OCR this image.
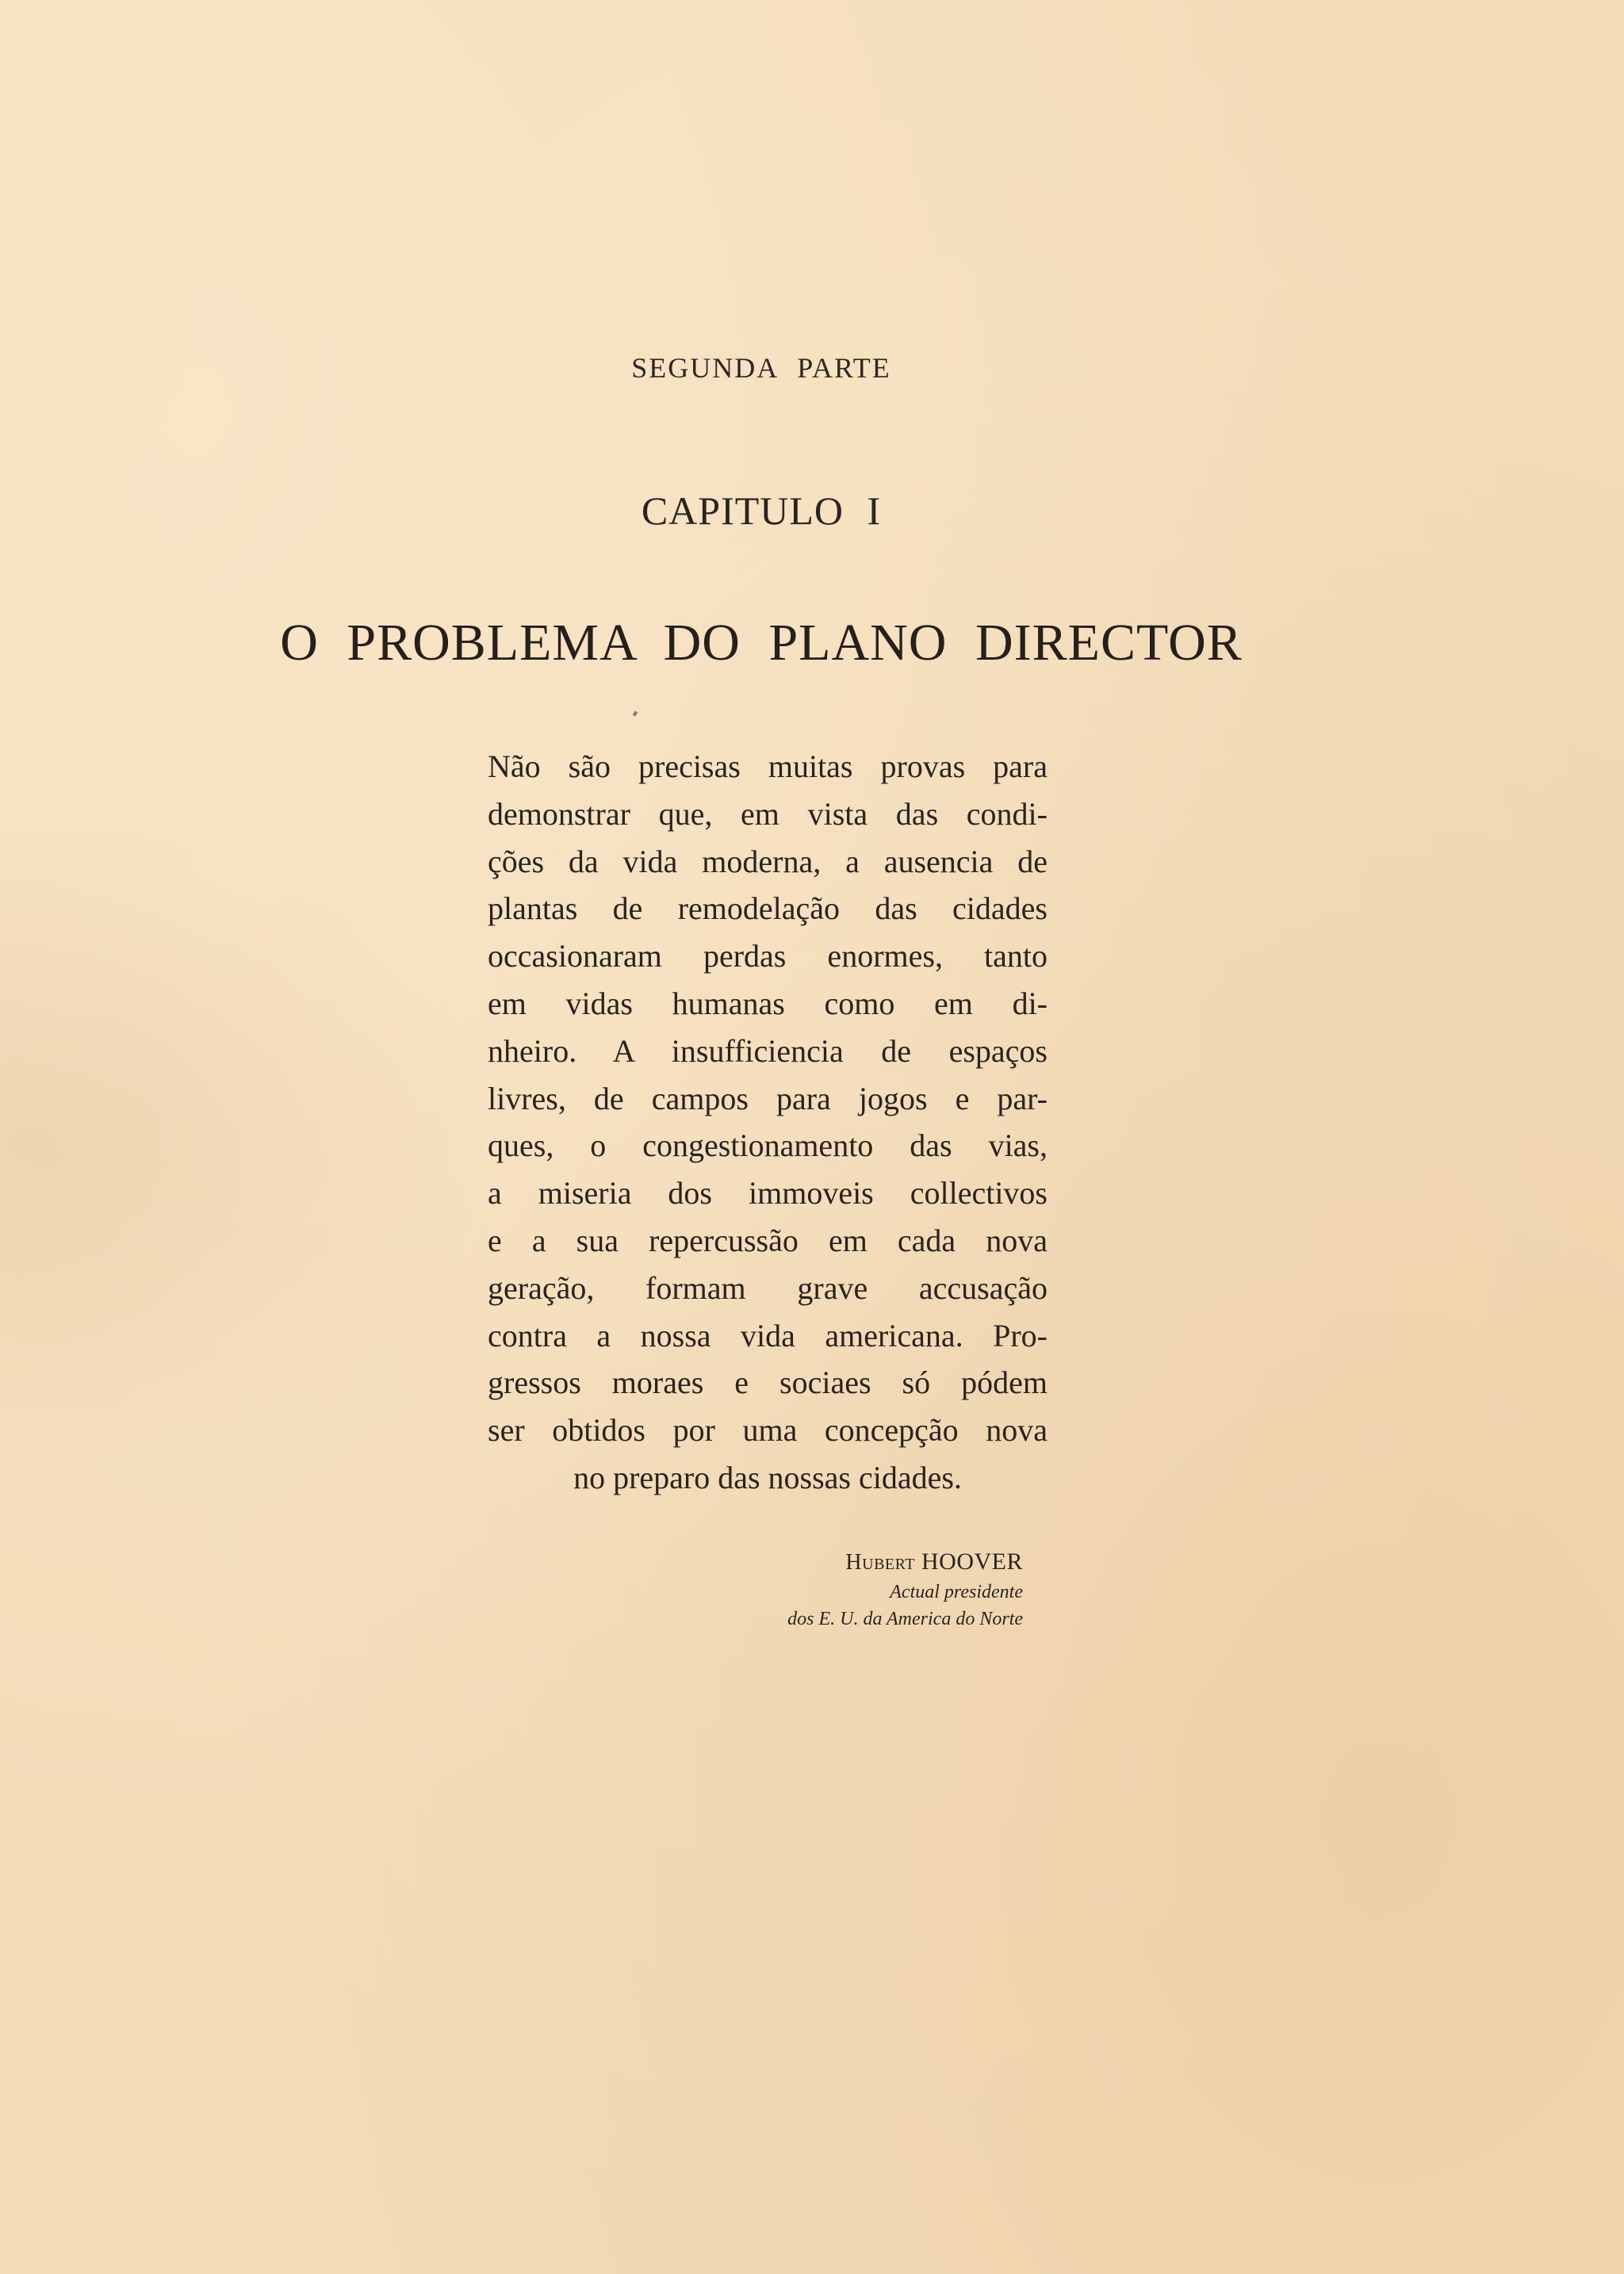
SEGUNDA PARTE
CAPITULO I
O PROBLEMA DO PLANO DIRECTOR
Não são precisas muitas provas para
demonstrar que, em vista das condi-
ções da vida moderna, a ausencia de
plantas de remodelação das cidades
occasionaram perdas enormes, tanto
em vidas humanas como em di-
nheiro. A insufficiencia de espaços
livres, de campos para jogos e par-
ques, o congestionamento das vias,
a miseria dos immoveis collectivos
e a sua repercussão em cada nova
geração, formam grave accusação
contra a nossa vida americana. Pro-
gressos moraes e sociaes só pódem
ser obtidos por uma concepção nova
no preparo das nossas cidades.
Hubert HOOVER
Actual presidente
dos E. U. da America do Norte
